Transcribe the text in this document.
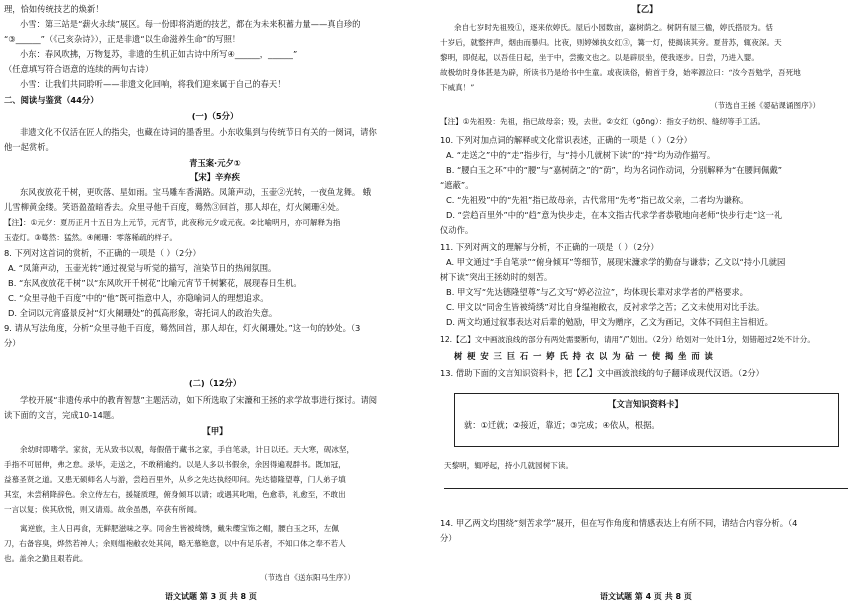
理，恰如传统技艺的焕新！
小雪：第三站是“薪火永续”展区。每一份即将消逝的技艺，都在为未来积蓄力量——真自珍的
“③______”（《己亥杂诗》），正是非遗“以生命滋养生命”的写照！
小东：春风吹拂，万物复苏，非遗的生机正如古诗中所写④______，______”
（任意填写符合语意的连续的两句古诗）
小雪：让我们共同聆听——非遗文化回响，将我们迎来属于自己的春天！
二、阅读与鉴赏（44分）
(一)（5分）
非遗文化不仅活在匠人的指尖，也藏在诗词的墨香里。小东收集到与传统节日有关的一阕词，请你
他一起赏析。
青玉案·元夕①
【宋】辛弃疾
东风夜放花千树，更吹落、星如雨。宝马雕车香满路。凤箫声动，玉壶②光转，一夜鱼龙舞。 蛾
儿雪柳黄金缕。笑语盈盈暗香去。众里寻他千百度，蓦然③回首，那人却在，灯火阑珊④处。
【注】：①元夕：夏历正月十五日为上元节，元宵节，此夜称元夕或元夜。②比喻明月，亦可解释为指
玉壶灯。③蓦然：猛然。④阑珊：零落稀疏的样子。
8. 下列对这首词的赏析，不正确的一项是（ ）（2分）
A. “凤箫声动，玉壶光转”通过视觉与听觉的描写，渲染节日的热闹氛围。
B. “东风夜放花千树”以“东风吹开千树花”比喻元宵节千树繁花，展现春日生机。
C. “众里寻他千百度”中的“他”既可指意中人，亦隐喻词人的理想追求。
D. 全词以元宵盛景反衬“灯火阑珊处”的孤高形象，寄托词人的政治失意。
9. 请从写法角度，分析“众里寻他千百度，蓦然回首，那人却在，灯火阑珊处。”这一句的妙处。（3
分）
(二)（12分）
学校开展“非遗传承中的教育智慧”主题活动，如下所选取了宋濂和王拯的求学故事进行探讨。请阅
读下面的文言，完成10-14题。
【甲】
余幼时即嗜学。家贫，无从致书以观，每假借于藏书之家，手自笔录，计日以还。天大寒，砚冰坚，
手指不可屈伸，弗之怠。录毕，走送之，不敢稍逾约。以是人多以书假余，余因得遍观群书。既加冠，
益慕圣贤之道。又患无硕师名人与游，尝趋百里外，从乡之先达执经叩问。先达德隆望尊，门人弟子填
其室，未尝稍降辞色。余立侍左右，援疑质理，俯身倾耳以请；或遇其叱咄，色愈恭，礼愈至，不敢出
一言以复；俟其欣悦，则又请焉。故余虽愚，卒获有所闻。
寓逆旅，主人日再食，无鲜肥滋味之享。同舍生皆被绮绣，戴朱缨宝饰之帽，腰白玉之环，左佩
刀，右备容臭，烨然若神人；余则缊袍敝衣处其间，略无慕艳意，以中有足乐者，不知口体之奉不若人
也。盖余之勤且艰若此。
（节选自《送东阳马生序》）
语文试题 第 3 页 共 8 页
【乙】
余自七岁时先祖殁①，逐来依婷氏。屋后小园数亩，嘉树荫之。树阴有屋三楹，婷氏搭辰为。恬
十岁后，就整抨声，烟由而暴归。比夜，则婷娣执女红③，篝一灯，使揭读其旁。夏昔苏，辄夜深。天
黎明，即促起，以吾佳日起，坐于中，尝搬文也之。以是辟辰坐，使我逐步。日尝，乃进入婴。
故极幼时身体甚是为辟，所读书乃是给书中生童。或夜读俗，俯首于身，始率源泣曰：“汝今吾勉学，吾死地
下威真！”
（节选自王拯《媭砧课诵图序》）
【注】①先祖殁：先祖，指已故母亲；殁，去世。②女红（gōng）：指女子纺织、缝纫等手工活。
10. 下列对加点词的解释或文化常识表述，正确的一项是（ ）（2分）
A. “走送之”中的“走”指步行，与“持小几就树下读”的“持”均为动作描写。
B. “腰白玉之环”中的“腰”与“嘉树荫之”的“荫”，均为名词作动词，分别解释为“在腰间佩戴”
“遮蔽”。
C. “先祖殁”中的“先祖”指已故母亲，古代常用“先考”指已故父亲，二者均为谦称。
D. “尝趋百里外”中的“趋”意为快步走，在本文指古代求学者恭敬地向老师“快步行走”这一礼
仪动作。
11. 下列对两文的理解与分析，不正确的一项是（ ）（2分）
A. 甲文通过“手自笔录”“俯身倾耳”等细节，展现宋濂求学的勤奋与谦恭；乙文以“持小几就园
树下读”突出王拯幼时的刻苦。
B. 甲文写“先达德隆望尊”与乙文写“婷必泣泣”，均体现长辈对求学者的严格要求。
C. 甲文以“同舍生皆被绮绣”对比自身缊袍敝衣，反衬求学之苦；乙文未使用对比手法。
D. 两文均通过叙事表达对后辈的勉励，甲文为赠序，乙文为画记，文体不同但主旨相近。
12.【乙】文中画波浪线的部分有两处需要断句，请用“/”划出。（2分）给划对一处计1分，划错超过2处不计分。
树 梗 安 三 巨 石 一 婷 氏 持 衣 以 为 砧 一 使 揭 坐 而 读
13. 借助下面的文言知识资料卡，把【乙】文中画波浪线的句子翻译成现代汉语。（2分）
【文言知识资料卡】
就：①迁就；②接近，靠近；③完成；④依从，根据。
天黎明，辄呼起，持小几就园树下读。
14. 甲乙两文均围绕“刻苦求学”展开，但在写作角度和情感表达上有所不同，请结合内容分析。（4
分）
语文试题 第 4 页 共 8 页
